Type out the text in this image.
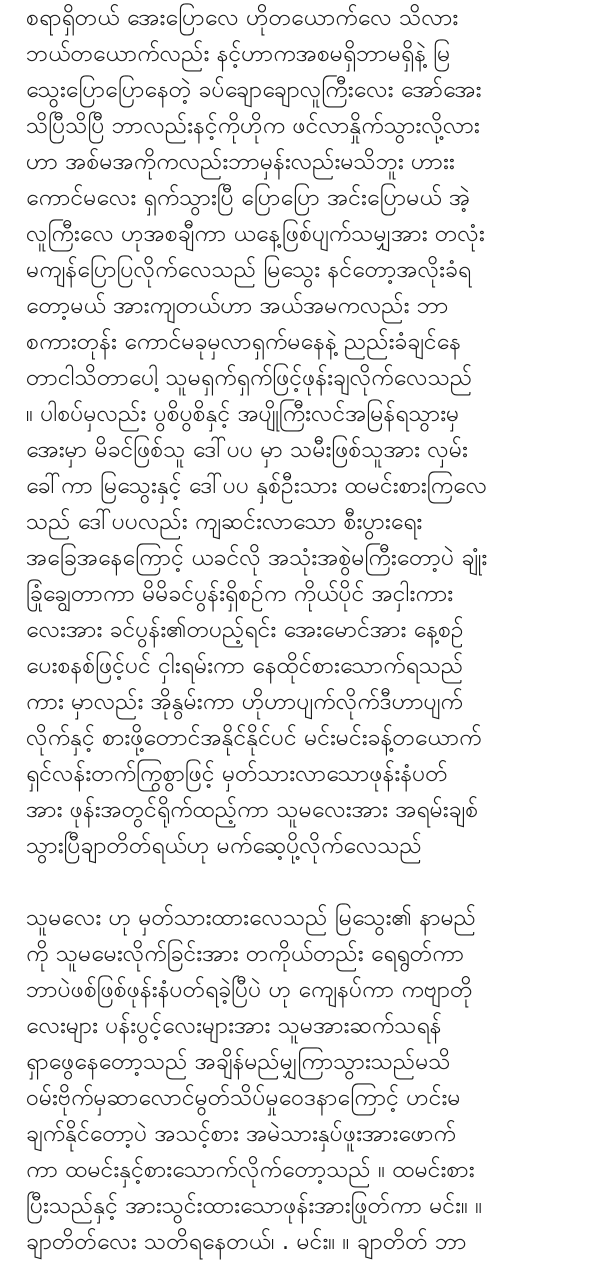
စရာရှိတယ် အေးပြောလေ ဟိုတယောက်လေ သိလား
ဘယ်တယောက်လည်း နင့်ဟာကအစမရှိဘာမရှိနဲ့ မြ
သွေးပြောပြောနေတဲ့ ခပ်ချောချောလူကြီးလေး အော်အေး
သိပြီသိပြီ ဘာလည်းနင့်ကိုဟိုက ဖင်လာနှိုက်သွားလို့လား
ဟာ အစ်မအကိုကလည်းဘာမှန်းလည်းမသိဘူး ဟားး
ကောင်မလေး ရှက်သွားပြီ ပြောပြော အင်းပြောမယ် အဲ့
လူကြီးလေ ဟုအစချီကာ ယနေ့ဖြစ်ပျက်သမျှအား တလုံး
မကျန်ပြောပြလိုက်လေသည် မြသွေး နင်တော့အလိုးခံရ
တော့မယ် အားကျတယ်ဟာ အယ်အမကလည်း ဘာ
စကားတုန်း ကောင်မခုမှလာရှက်မနေနဲ့ ညည်းခံချင်နေ
တာငါသိတာပေါ့ သူမရှက်ရှက်ဖြင့်ဖုန်းချလိုက်လေသည်
။ ပါစပ်မှလည်း ပွစိပွစိနှင့် အပျိုကြီးလင်အမြန်ရသွားမှ
အေးမှာ မိခင်ဖြစ်သူ ဒေါ်ပပ မှာ သမီးဖြစ်သူအား လှမ်း
ခေါ်ကာ မြသွေးနှင့် ဒေါ်ပပ နှစ်ဦးသား ထမင်းစားကြလေ
သည် ဒေါ်ပပလည်း ကျဆင်းလာသော စီးပွားရေး
အခြေအနေကြောင့် ယခင်လို အသုံးအစွဲမကြီးတော့ပဲ ချုံး
ခြုံချွေတာကာ မိမိခင်ပွန်းရှိစဉ်က ကိုယ်ပိုင် အငှါးကား
လေးအား ခင်ပွန်း၏တပည့်ရင်း အေးမောင်အား နေ့စဉ်
ပေးစနစ်ဖြင့်ပင် ငှါးရမ်းကာ နေထိုင်စားသောက်ရသည်
ကား မှာလည်း အိုနွမ်းကာ ဟိုဟာပျက်လိုက်ဒီဟာပျက်
လိုက်နှင့် စားဖို့တောင်အနိုင်နိုင်ပင် မင်းမင်းခန့်တယောက်
ရှင်လန်းတက်ကြွစွာဖြင့် မှတ်သားလာသောဖုန်းနံပတ်
အား ဖုန်းအတွင်ရိုက်ထည့်ကာ သူမလေးအား အရမ်းချစ်
သွားပြီချာတိတ်ရယ်ဟု မက်ဆေ့ပို့လိုက်လေသည်

သူမလေး ဟု မှတ်သားထားလေသည် မြသွေး၏ နာမည်
ကို သူမမေးလိုက်ခြင်းအား တကိုယ်တည်း ရေရွတ်ကာ
ဘာပဲဖစ်ဖြစ်ဖုန်းနံပတ်ရခဲ့ပြီပဲ ဟု ကျေနပ်ကာ ကဗျာတို
လေးများ ပန်းပွင့်လေးများအား သူမအားဆက်သရန်
ရှာဖွေနေတော့သည် အချိန်မည်မျှကြာသွားသည်မသိ
ဝမ်းဗိုက်မှဆာလောင်မွတ်သိပ်မှုဝေဒနာကြောင့် ဟင်းမ
ချက်နိုင်တော့ပဲ အသင့်စား အမဲသားနှပ်ဖူးအားဖောက်
ကာ ထမင်းနှင့်စားသောက်လိုက်တော့သည် ။ ထမင်းစား
ပြီးသည်နှင့် အားသွင်းထားသောဖုန်းအားဖြုတ်ကာ မင်း။ ။
ချာတိတ်လေး သတိရနေတယ်၊ . မင်း။ ။ ချာတိတ် ဘာ
